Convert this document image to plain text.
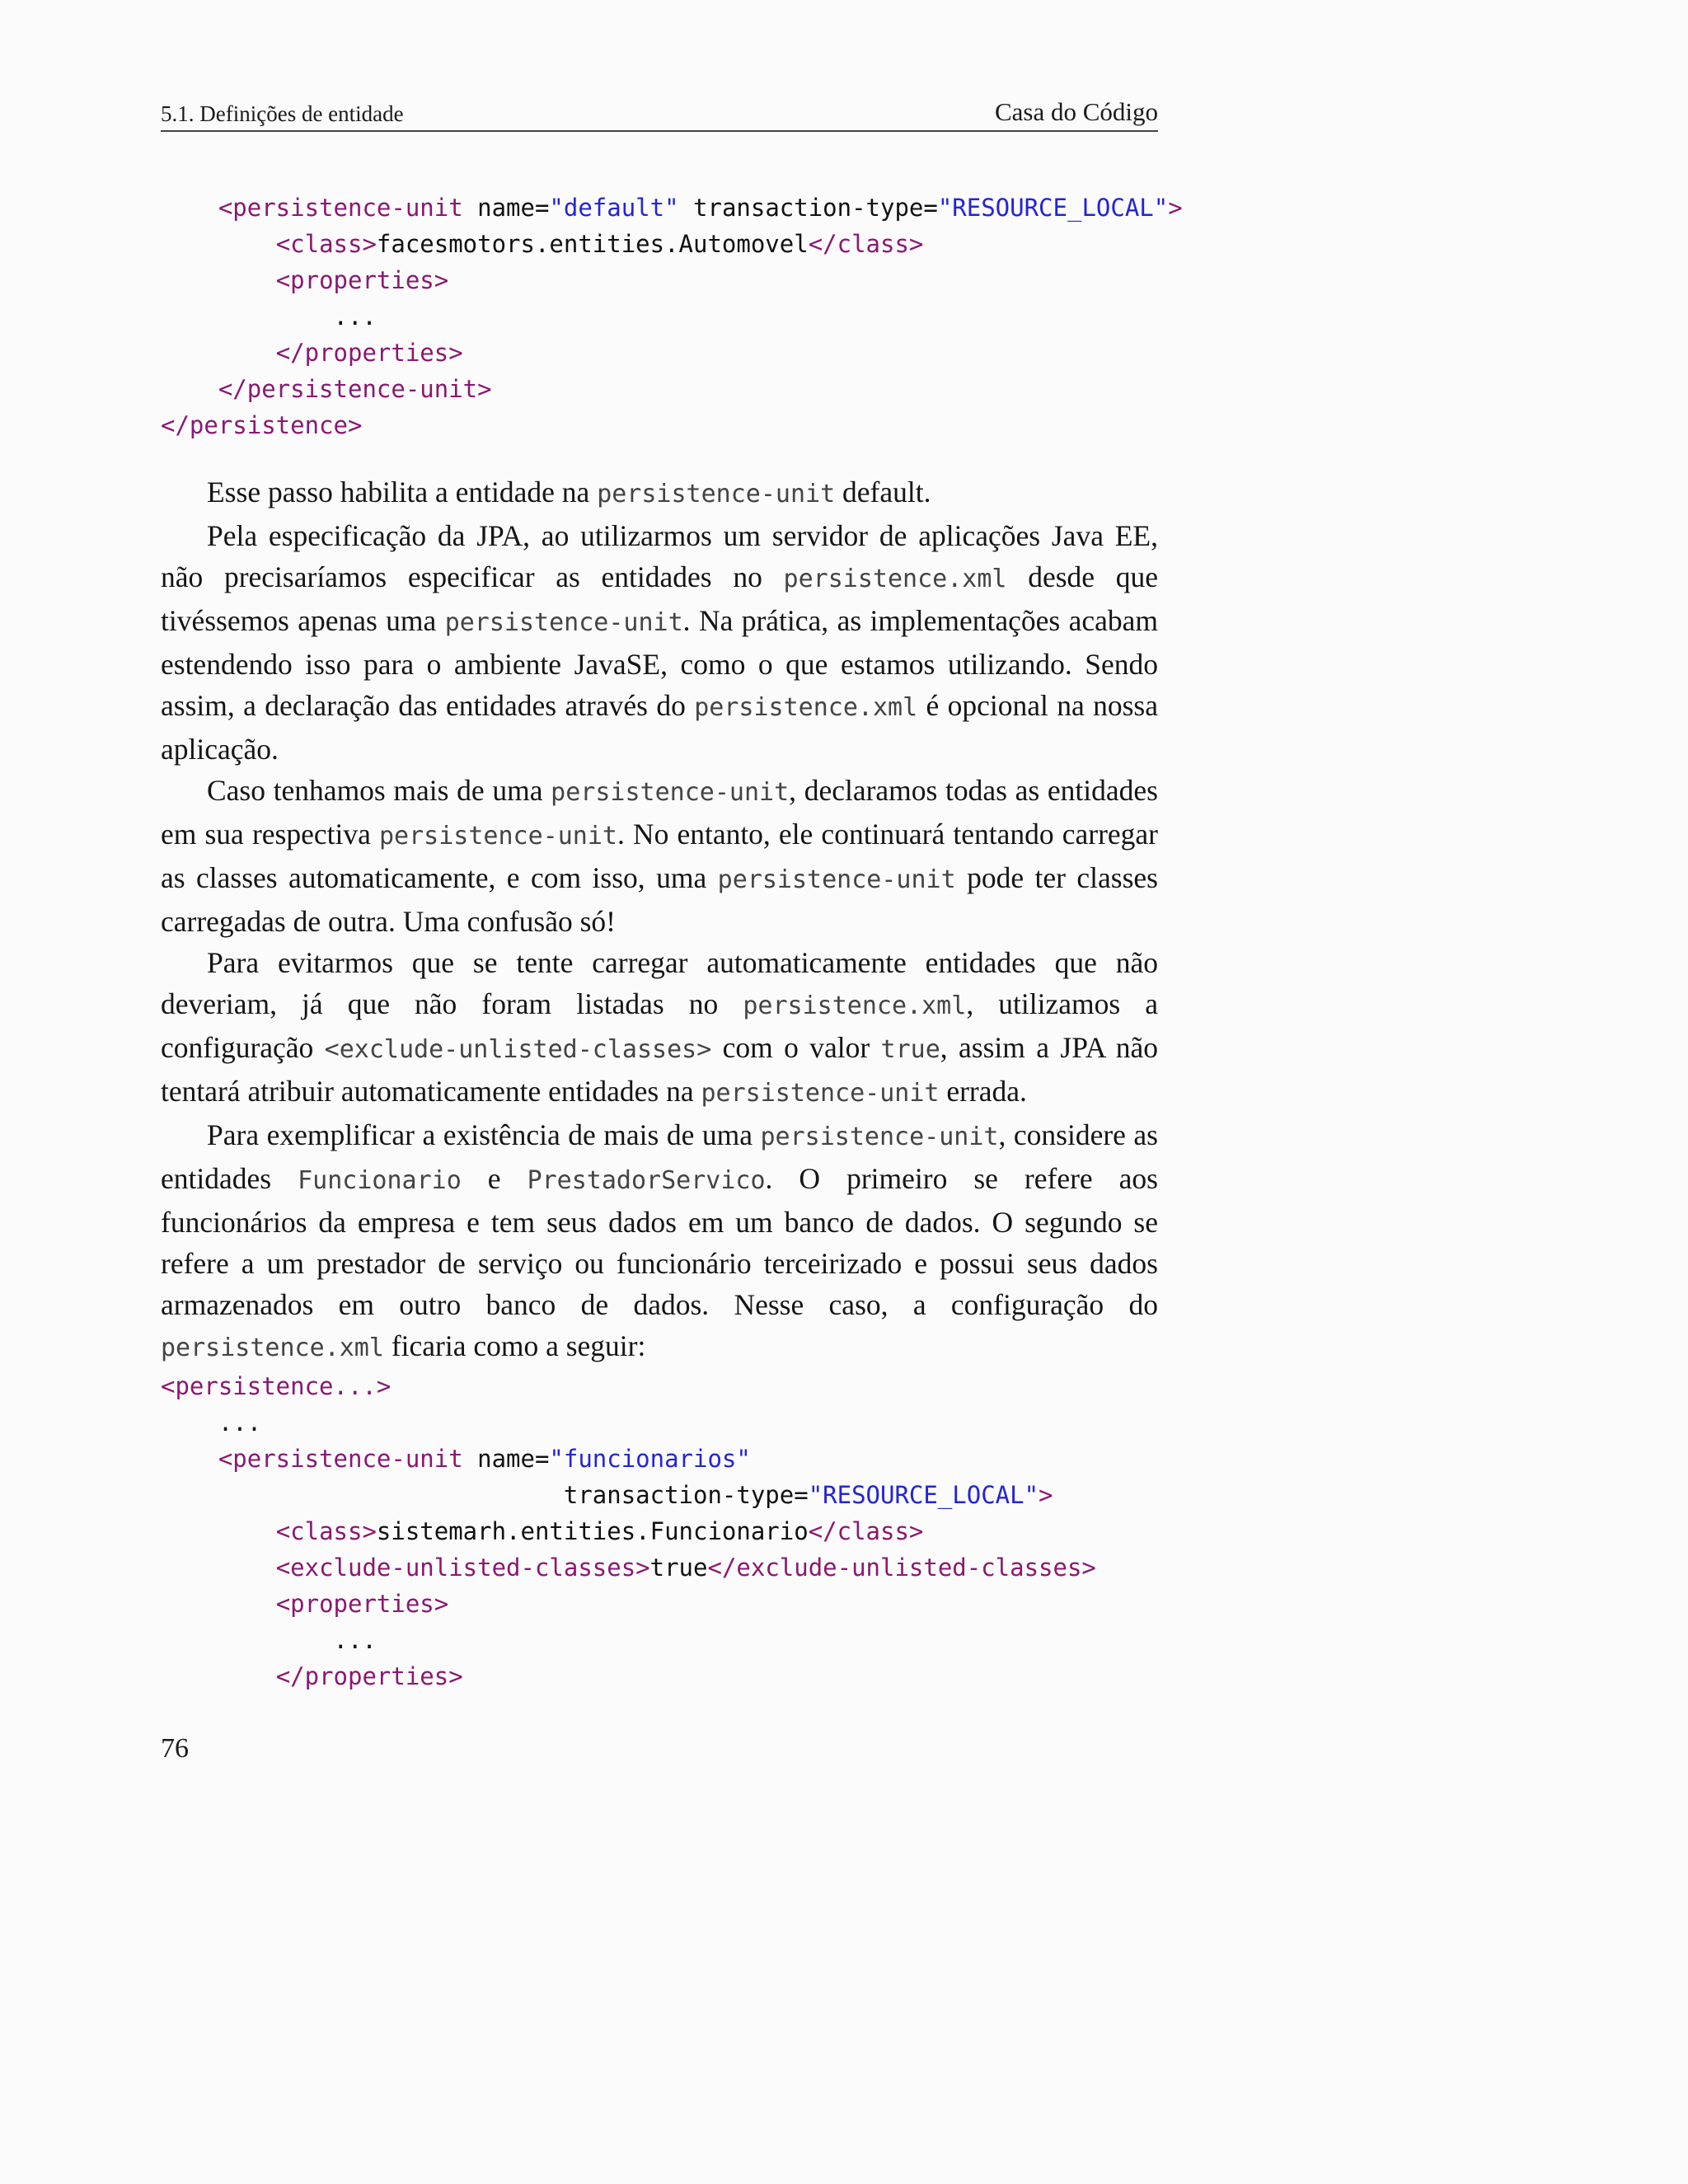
5.1. Definições de entidade	Casa do Código
<persistence-unit name="default" transaction-type="RESOURCE_LOCAL">
<class>facesmotors.entities.Automovel</class>
<properties>
...
</properties>
</persistence-unit>
</persistence>

Esse passo habilita a entidade na persistence-unit default.

Pela especificação da JPA, ao utilizarmos um servidor de aplicações Java EE, não precisaríamos especificar as entidades no persistence.xml desde que tivéssemos apenas uma persistence-unit. Na prática, as implementações acabam estendendo isso para o ambiente JavaSE, como o que estamos utilizando. Sendo assim, a declaração das entidades através do persistence.xml é opcional na nossa aplicação.

Caso tenhamos mais de uma persistence-unit, declaramos todas as entidades em sua respectiva persistence-unit. No entanto, ele continuará tentando carregar as classes automaticamente, e com isso, uma persistence-unit pode ter classes carregadas de outra. Uma confusão só!

Para evitarmos que se tente carregar automaticamente entidades que não deveriam, já que não foram listadas no persistence.xml, utilizamos a configuração <exclude-unlisted-classes> com o valor true, assim a JPA não tentará atribuir automaticamente entidades na persistence-unit errada.

Para exemplificar a existência de mais de uma persistence-unit, considere as entidades Funcionario e PrestadorServico. O primeiro se refere aos funcionários da empresa e tem seus dados em um banco de dados. O segundo se refere a um prestador de serviço ou funcionário terceirizado e possui seus dados armazenados em outro banco de dados. Nesse caso, a configuração do persistence.xml ficaria como a seguir:

<persistence...>
...
<persistence-unit name="funcionarios"
transaction-type="RESOURCE_LOCAL">
<class>sistemarh.entities.Funcionario</class>
<exclude-unlisted-classes>true</exclude-unlisted-classes>
<properties>
...
</properties>
76
